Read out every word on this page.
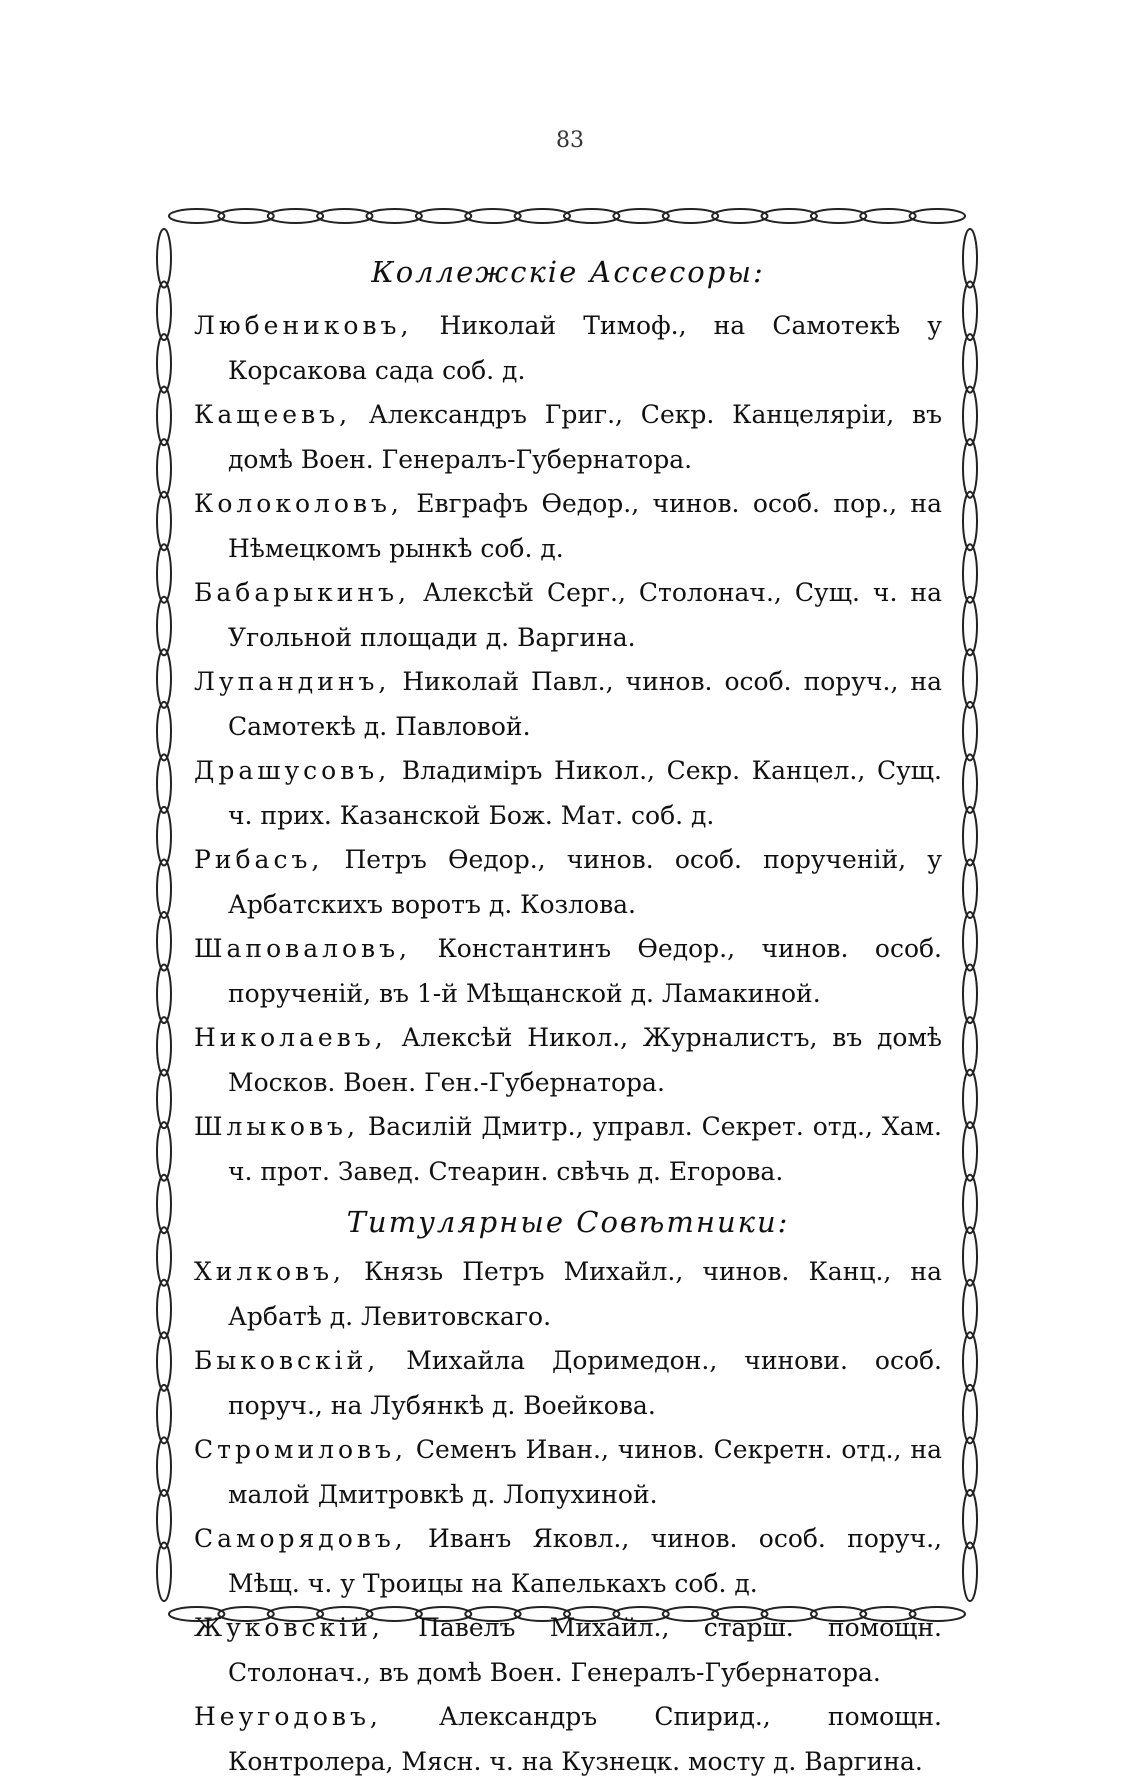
83
Коллежскіе Ассесоры:
Любениковъ, Николай Тимоф., на Самотекѣ у Корсакова сада соб. д.
Кащеевъ, Александръ Григ., Секр. Канцеляріи, въ домѣ Воен. Генералъ-Губернатора.
Колоколовъ, Евграфъ Өедор., чинов. особ. пор., на Нѣмецкомъ рынкѣ соб. д.
Бабарыкинъ, Алексѣй Серг., Столонач., Сущ. ч. на Угольной площади д. Варгина.
Лупандинъ, Николай Павл., чинов. особ. поруч., на Самотекѣ д. Павловой.
Драшусовъ, Владиміръ Никол., Секр. Канцел., Сущ. ч. прих. Казанской Бож. Мат. соб. д.
Рибасъ, Петръ Өедор., чинов. особ. порученій, у Арбатскихъ воротъ д. Козлова.
Шаповаловъ, Константинъ Өедор., чинов. особ. порученій, въ 1-й Мѣщанской д. Ламакиной.
Николаевъ, Алексѣй Никол., Журналистъ, въ домѣ Москов. Воен. Ген.-Губернатора.
Шлыковъ, Василій Дмитр., управл. Секрет. отд., Хам. ч. прот. Завед. Стеарин. свѣчь д. Егорова.
Титулярные Совѣтники:
Хилковъ, Князь Петръ Михайл., чинов. Канц., на Арбатѣ д. Левитовскаго.
Быковскій, Михайла Доримедон., чинови. особ. поруч., на Лубянкѣ д. Воейкова.
Стромиловъ, Семенъ Иван., чинов. Секретн. отд., на малой Дмитровкѣ д. Лопухиной.
Саморядовъ, Иванъ Яковл., чинов. особ. поруч., Мѣщ. ч. у Троицы на Капелькахъ соб. д.
Жуковскій, Павелъ Михайл., старш. помощн. Столонач., въ домѣ Воен. Генералъ-Губернатора.
Неугодовъ, Александръ Спирид., помощн. Контролера, Мясн. ч. на Кузнецк. мосту д. Варгина.
